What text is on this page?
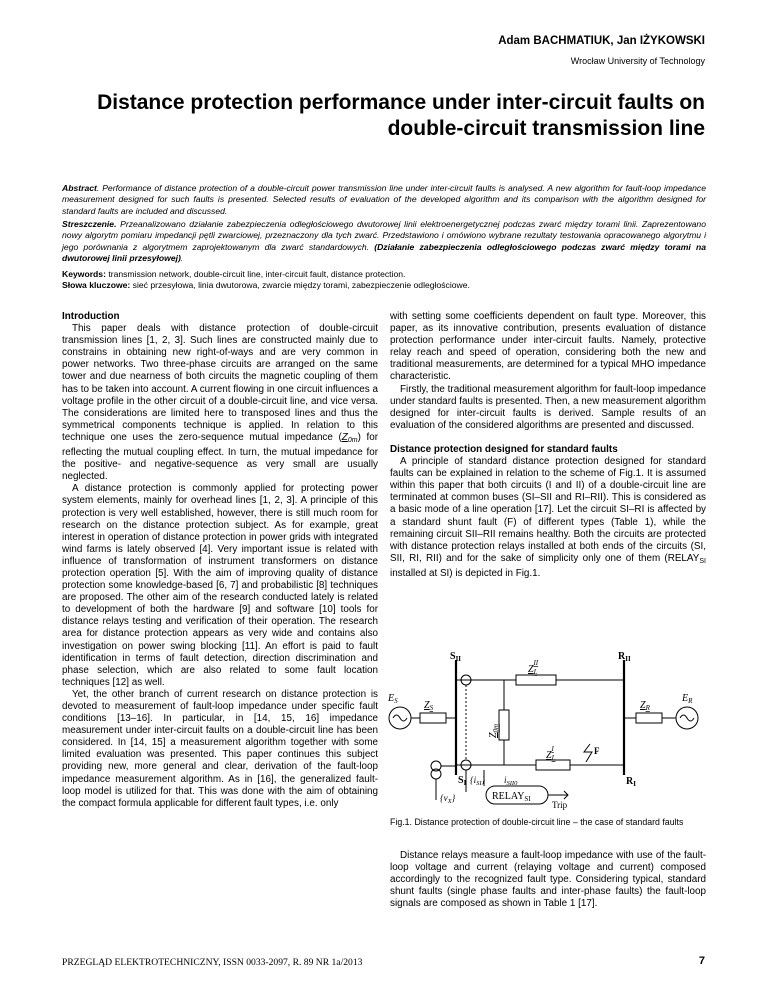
Adam BACHMATIUK, Jan IŻYKOWSKI
Wrocław University of Technology
Distance protection performance under inter-circuit faults on
double-circuit transmission line
Abstract. Performance of distance protection of a double-circuit power transmission line under inter-circuit faults is analysed. A new algorithm for fault-loop impedance measurement designed for such faults is presented. Selected results of evaluation of the developed algorithm and its comparison with the algorithm designed for standard faults are included and discussed.
Streszczenie. Przeanalizowano działanie zabezpieczenia odległościowego dwutorowej linii elektroenergetycznej podczas zwarć między torami linii. Zaprezentowano nowy algorytm pomiaru impedancji pętli zwarciowej, przeznaczony dla tych zwarć. Przedstawiono i omówiono wybrane rezultaty testowania opracowanego algorytmu i jego porównania z algorytmem zaprojektowanym dla zwarć standardowych. (Działanie zabezpieczenia odległościowego podczas zwarć między torami na dwutorowej linii przesyłowej).
Keywords: transmission network, double-circuit line, inter-circuit fault, distance protection.
Słowa kluczowe: sieć przesyłowa, linia dwutorowa, zwarcie między torami, zabezpieczenie odległościowe.
Introduction

This paper deals with distance protection of double-circuit transmission lines [1, 2, 3]. Such lines are constructed mainly due to constrains in obtaining new right-of-ways and are very common in power networks. Two three-phase circuits are arranged on the same tower and due nearness of both circuits the magnetic coupling of them has to be taken into account. A current flowing in one circuit influences a voltage profile in the other circuit of a double-circuit line, and vice versa. The considerations are limited here to transposed lines and thus the symmetrical components technique is applied. In relation to this technique one uses the zero-sequence mutual impedance $(Z_{0m})$ for reflecting the mutual coupling effect. In turn, the mutual impedance for the positive- and negative-sequence as very small are usually neglected.

A distance protection is commonly applied for protecting power system elements, mainly for overhead lines [1, 2, 3]. A principle of this protection is very well established, however, there is still much room for research on the distance protection subject. As for example, great interest in operation of distance protection in power grids with integrated wind farms is lately observed [4]. Very important issue is related with influence of transformation of instrument transformers on distance protection operation [5]. With the aim of improving quality of distance protection some knowledge-based [6, 7] and probabilistic [8] techniques are proposed. The other aim of the research conducted lately is related to development of both the hardware [9] and software [10] tools for distance relays testing and verification of their operation. The research area for distance protection appears as very wide and contains also investigation on power swing blocking [11]. An effort is paid to fault identification in terms of fault detection, direction discrimination and phase selection, which are also related to some fault location techniques [12] as well.

Yet, the other branch of current research on distance protection is devoted to measurement of fault-loop impedance under specific fault conditions [13–16]. In particular, in [14, 15, 16] impedance measurement under inter-circuit faults on a double-circuit line has been considered. In [14, 15] a measurement algorithm together with some limited evaluation was presented. This paper continues this subject providing new, more general and clear, derivation of the fault-loop impedance measurement algorithm. As in [16], the generalized fault-loop model is utilized for that. This was done with the aim of obtaining the compact formula applicable for different fault types, i.e. only

with setting some coefficients dependent on fault type. Moreover, this paper, as its innovative contribution, presents evaluation of distance protection performance under inter-circuit faults. Namely, protective relay reach and speed of operation, considering both the new and traditional measurements, are determined for a typical MHO impedance characteristic.

Firstly, the traditional measurement algorithm for fault-loop impedance under standard faults is presented. Then, a new measurement algorithm designed for inter-circuit faults is derived. Sample results of an evaluation of the considered algorithms are presented and discussed.

Distance protection designed for standard faults

A principle of standard distance protection designed for standard faults can be explained in relation to the scheme of Fig.1. It is assumed within this paper that both circuits (I and II) of a double-circuit line are terminated at common buses (SI–SII and RI–RII). This is considered as a basic mode of a line operation [17]. Let the circuit SI–RI is affected by a standard shunt fault (F) of different types (Table 1), while the remaining circuit SII–RII remains healthy. Both the circuits are protected with distance protection relays installed at both ends of the circuits (SI, SII, RI, RII) and for the sake of simplicity only one of them ($RELAY_{SI}$ installed at SI) is depicted in Fig.1.

$S_{II}$	$R_{II}$
$S_I$	$R_I$
$Z_LII$
$Z_LI$
$E_S$	$Z_S$	$Z_R$
$E_R$
$Z_{0m}$
F
$\{i_{SI}\}$ $i_{SII0}$
$\{v_X\}$	$RELAY_{SI}$
Trip
Fig.1. Distance protection of double-circuit line – the case of standard faults

Distance relays measure a fault-loop impedance with use of the fault-loop voltage and current (relaying voltage and current) composed accordingly to the recognized fault type. Considering typical, standard shunt faults (single phase faults and inter-phase faults) the fault-loop signals are composed as shown in Table 1 [17].

PRZEGLĄD ELEKTROTECHNICZNY, ISSN 0033-2097, R. 89 NR 1a/2013	7
